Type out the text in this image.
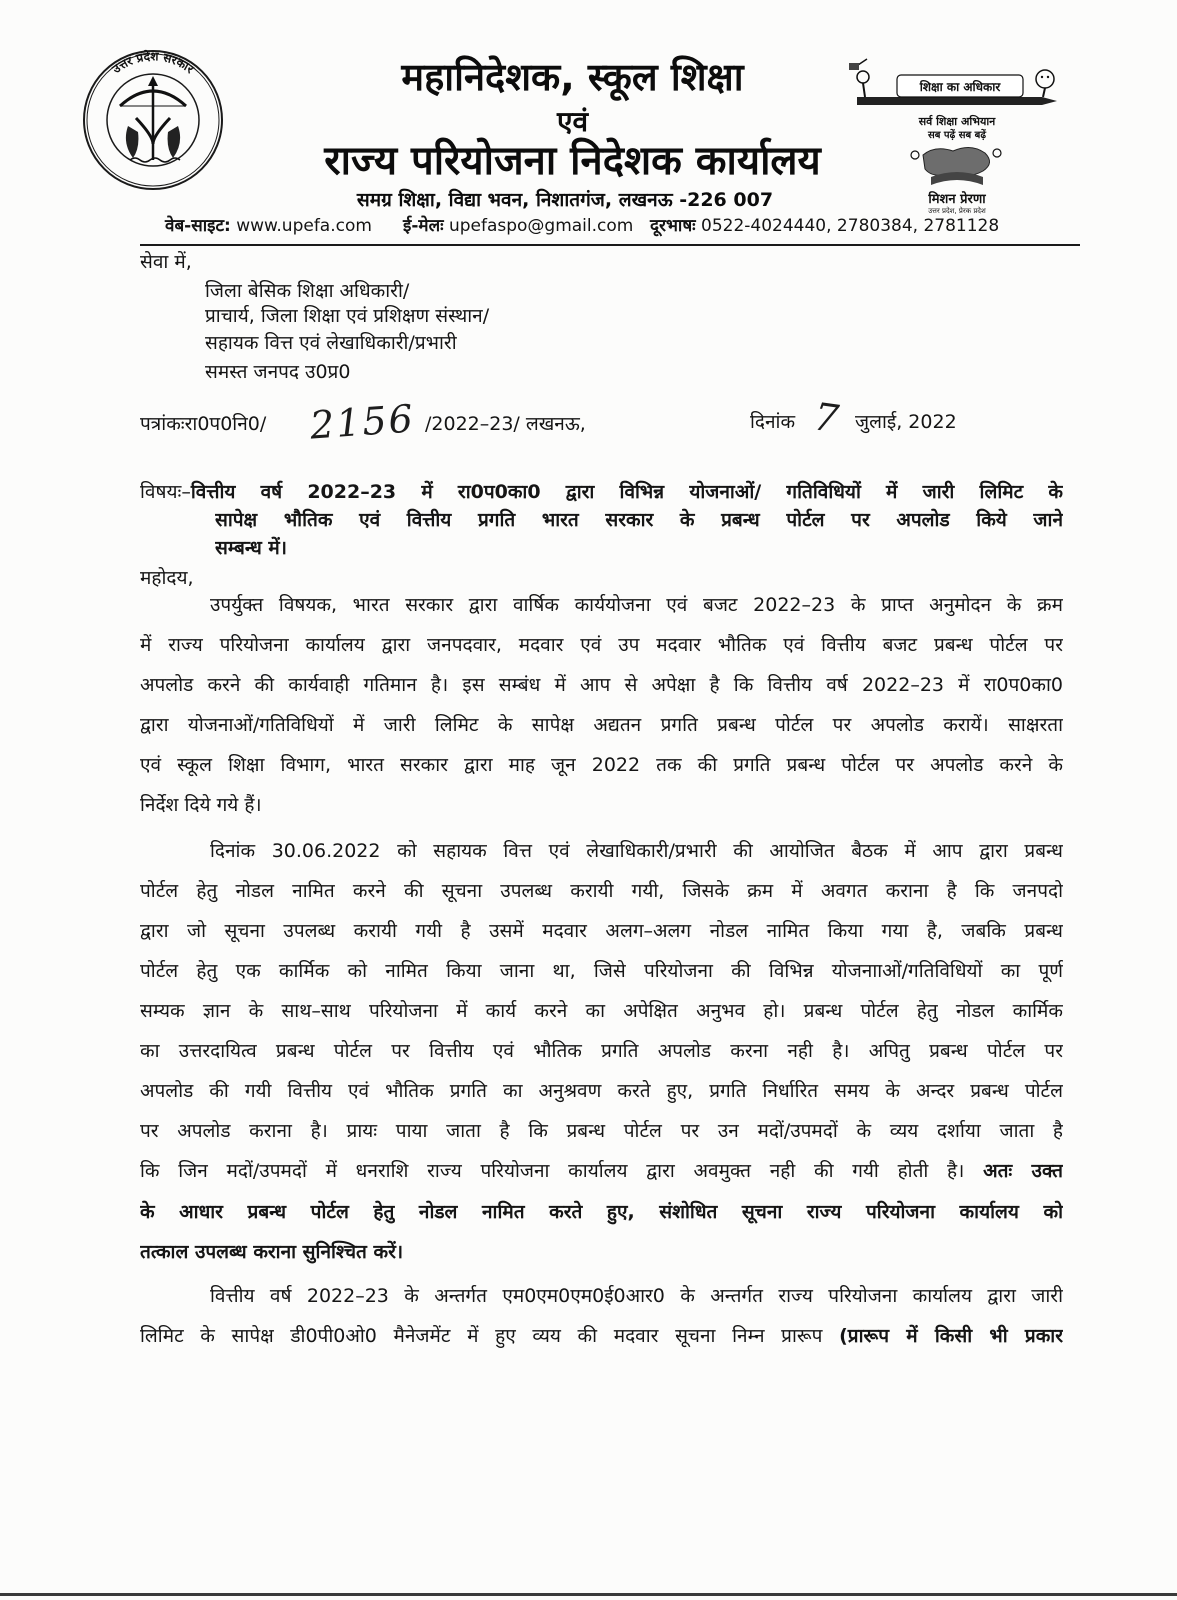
उत्तर प्रदेश सरकार	महानिदेशक, स्कूल शिक्षा
एवं
राज्य परियोजना निदेशक कार्यालय
समग्र शिक्षा, विद्या भवन, निशातगंज, लखनऊ -226 007
वेब-साइट: www.upefa.com ई-मेलः upefaspo@gmail.com दूरभाषः 0522-4024440, 2780384, 2781128
शिक्षा का अधिकार
सर्व शिक्षा अभियान
सब पढ़ें सब बढ़ें
मिशन प्रेरणा
उत्तर प्रदेश, प्रेरक प्रदेश
सेवा में,
जिला बेसिक शिक्षा अधिकारी/
प्राचार्य, जिला शिक्षा एवं प्रशिक्षण संस्थान/
सहायक वित्त एवं लेखाधिकारी/प्रभारी
समस्त जनपद उ0प्र0
पत्रांकःरा0प0नि0/	2156 /2022–23/ लखनऊ,	दिनांक 7 जुलाई, 2022
विषयः–वित्तीय वर्ष 2022–23 में रा0प0का0 द्वारा विभिन्न योजनाओं/ गतिविधियों में जारी लिमिट के
सापेक्ष भौतिक एवं वित्तीय प्रगति भारत सरकार के प्रबन्ध पोर्टल पर अपलोड किये जाने
सम्बन्ध में।
महोदय,
उपर्युक्त विषयक, भारत सरकार द्वारा वार्षिक कार्ययोजना एवं बजट 2022–23 के प्राप्त अनुमोदन के क्रम
में राज्य परियोजना कार्यालय द्वारा जनपदवार, मदवार एवं उप मदवार भौतिक एवं वित्तीय बजट प्रबन्ध पोर्टल पर
अपलोड करने की कार्यवाही गतिमान है। इस सम्बंध में आप से अपेक्षा है कि वित्तीय वर्ष 2022–23 में रा0प0का0
द्वारा योजनाओं/गतिविधियों में जारी लिमिट के सापेक्ष अद्यतन प्रगति प्रबन्ध पोर्टल पर अपलोड करायें। साक्षरता
एवं स्कूल शिक्षा विभाग, भारत सरकार द्वारा माह जून 2022 तक की प्रगति प्रबन्ध पोर्टल पर अपलोड करने के
निर्देश दिये गये हैं।
दिनांक 30.06.2022 को सहायक वित्त एवं लेखाधिकारी/प्रभारी की आयोजित बैठक में आप द्वारा प्रबन्ध
पोर्टल हेतु नोडल नामित करने की सूचना उपलब्ध करायी गयी, जिसके क्रम में अवगत कराना है कि जनपदो
द्वारा जो सूचना उपलब्ध करायी गयी है उसमें मदवार अलग–अलग नोडल नामित किया गया है, जबकि प्रबन्ध
पोर्टल हेतु एक कार्मिक को नामित किया जाना था, जिसे परियोजना की विभिन्न योजनााओं/गतिविधियों का पूर्ण
सम्यक ज्ञान के साथ–साथ परियोजना में कार्य करने का अपेक्षित अनुभव हो। प्रबन्ध पोर्टल हेतु नोडल कार्मिक
का उत्तरदायित्व प्रबन्ध पोर्टल पर वित्तीय एवं भौतिक प्रगति अपलोड करना नही है। अपितु प्रबन्ध पोर्टल पर
अपलोड की गयी वित्तीय एवं भौतिक प्रगति का अनुश्रवण करते हुए, प्रगति निर्धारित समय के अन्दर प्रबन्ध पोर्टल
पर अपलोड कराना है। प्रायः पाया जाता है कि प्रबन्ध पोर्टल पर उन मदों/उपमदों के व्यय दर्शाया जाता है
कि जिन मदों/उपमदों में धनराशि राज्य परियोजना कार्यालय द्वारा अवमुक्त नही की गयी होती है। अतः उक्त
के आधार प्रबन्ध पोर्टल हेतु नोडल नामित करते हुए, संशोधित सूचना राज्य परियोजना कार्यालय को
तत्काल उपलब्ध कराना सुनिश्चित करें।
वित्तीय वर्ष 2022–23 के अन्तर्गत एम0एम0एम0ई0आर0 के अन्तर्गत राज्य परियोजना कार्यालय द्वारा जारी
लिमिट के सापेक्ष डी0पी0ओ0 मैनेजमेंट में हुए व्यय की मदवार सूचना निम्न प्रारूप (प्रारूप में किसी भी प्रकार
